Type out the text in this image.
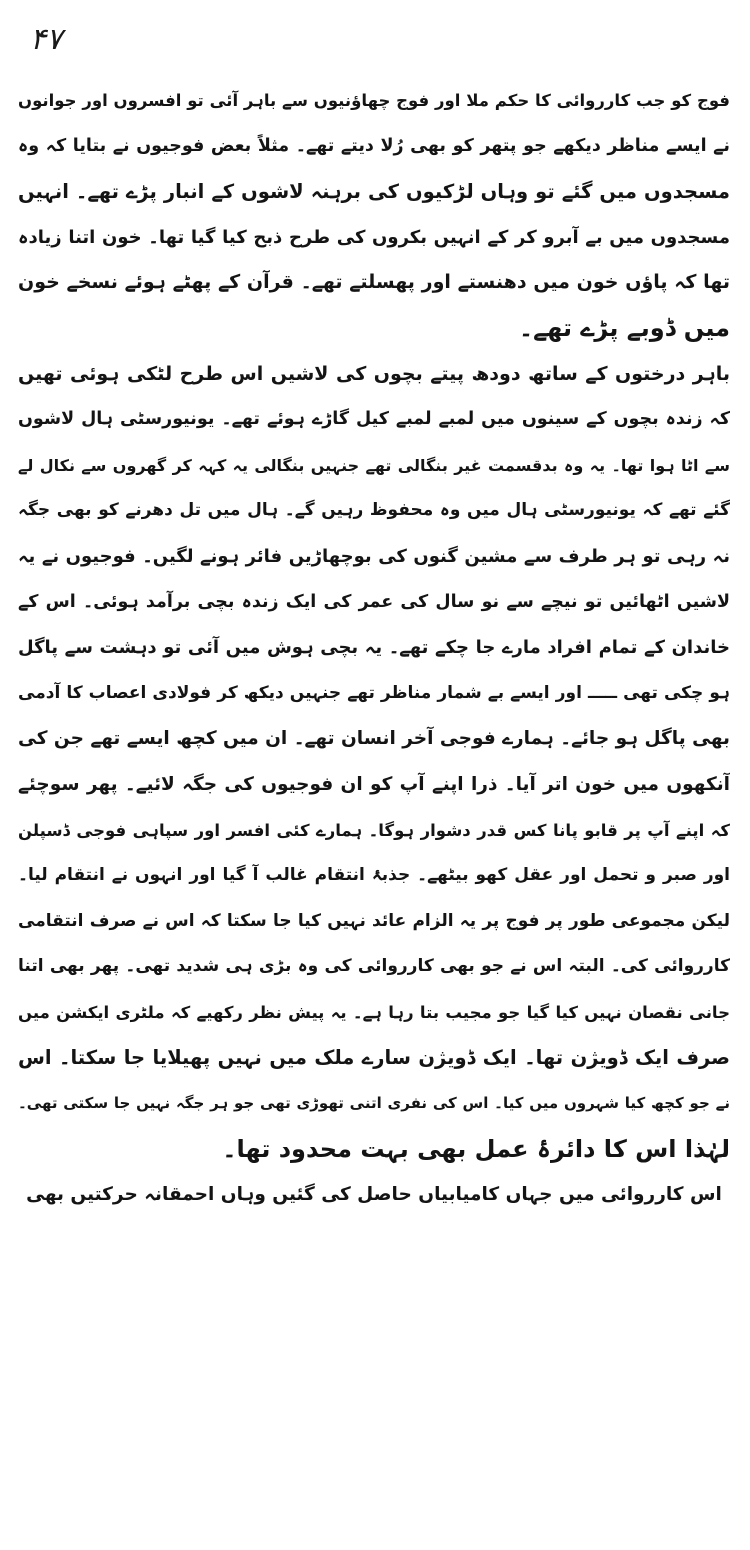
۴۷
فوج کو جب کارروائی کا حکم ملا اور فوج چھاؤنیوں سے باہر آئی تو افسروں اور جوانوں
نے ایسے مناظر دیکھے جو پتھر کو بھی رُلا دیتے تھے۔ مثلاً بعض فوجیوں نے بتایا کہ وہ
مسجدوں میں گئے تو وہاں لڑکیوں کی برہنہ لاشوں کے انبار پڑے تھے۔ انہیں
مسجدوں میں بے آبرو کر کے انہیں بکروں کی طرح ذبح کیا گیا تھا۔ خون اتنا زیادہ
تھا کہ پاؤں خون میں دھنستے اور پھسلتے تھے۔ قرآن کے پھٹے ہوئے نسخے خون
میں ڈوبے پڑے تھے۔
باہر درختوں کے ساتھ دودھ پیتے بچوں کی لاشیں اس طرح لٹکی ہوئی تھیں
کہ زندہ بچوں کے سینوں میں لمبے لمبے کیل گاڑے ہوئے تھے۔ یونیورسٹی ہال لاشوں
سے اٹا ہوا تھا۔ یہ وہ بدقسمت غیر بنگالی تھے جنہیں بنگالی یہ کہہ کر گھروں سے نکال لے
گئے تھے کہ یونیورسٹی ہال میں وہ محفوظ رہیں گے۔ ہال میں تل دھرنے کو بھی جگہ
نہ رہی تو ہر طرف سے مشین گنوں کی بوچھاڑیں فائر ہونے لگیں۔ فوجیوں نے یہ
لاشیں اٹھائیں تو نیچے سے نو سال کی عمر کی ایک زندہ بچی برآمد ہوئی۔ اس کے
خاندان کے تمام افراد مارے جا چکے تھے۔ یہ بچی ہوش میں آئی تو دہشت سے پاگل
ہو چکی تھی ـــــ اور ایسے بے شمار مناظر تھے جنہیں دیکھ کر فولادی اعصاب کا آدمی
بھی پاگل ہو جائے۔ ہمارے فوجی آخر انسان تھے۔ ان میں کچھ ایسے تھے جن کی
آنکھوں میں خون اتر آیا۔ ذرا اپنے آپ کو ان فوجیوں کی جگہ لائیے۔ پھر سوچئے
کہ اپنے آپ پر قابو پانا کس قدر دشوار ہوگا۔ ہمارے کئی افسر اور سپاہی فوجی ڈسپلن
اور صبر و تحمل اور عقل کھو بیٹھے۔ جذبۂ انتقام غالب آ گیا اور انہوں نے انتقام لیا۔
لیکن مجموعی طور پر فوج پر یہ الزام عائد نہیں کیا جا سکتا کہ اس نے صرف انتقامی
کارروائی کی۔ البتہ اس نے جو بھی کارروائی کی وہ بڑی ہی شدید تھی۔ پھر بھی اتنا
جانی نقصان نہیں کیا گیا جو مجیب بتا رہا ہے۔ یہ پیش نظر رکھیے کہ ملٹری ایکشن میں
صرف ایک ڈویژن تھا۔ ایک ڈویژن سارے ملک میں نہیں پھیلایا جا سکتا۔ اس
نے جو کچھ کیا شہروں میں کیا۔ اس کی نفری اتنی تھوڑی تھی جو ہر جگہ نہیں جا سکتی تھی۔
لہٰذا اس کا دائرۂ عمل بھی بہت محدود تھا۔
اس کارروائی میں جہاں کامیابیاں حاصل کی گئیں وہاں احمقانہ حرکتیں بھی
